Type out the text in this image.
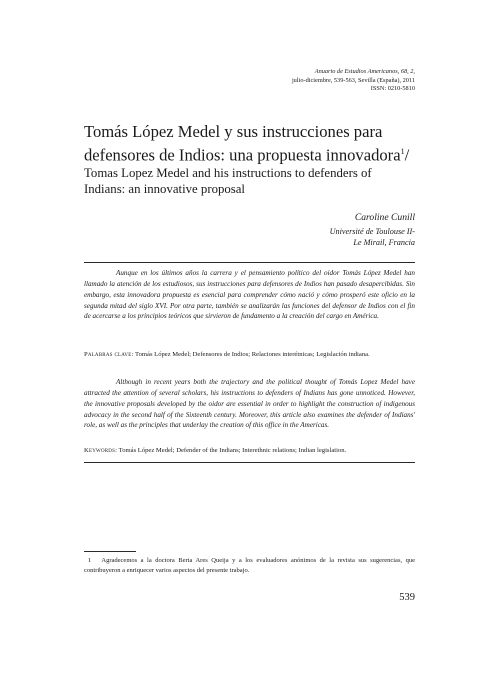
Anuario de Estudios Americanos, 68, 2,
julio-diciembre, 539-563, Sevilla (España), 2011
ISSN: 0210-5810
Tomás López Medel y sus instrucciones para defensores de Indios: una propuesta innovadora$^1$/
Tomas Lopez Medel and his instructions to defenders of Indians: an innovative proposal
Caroline Cunill
Université de Toulouse II-
Le Mirail, Francia

Aunque en los últimos años la carrera y el pensamiento político del oidor Tomás López Medel han llamado la atención de los estudiosos, sus instrucciones para defensores de Indios han pasado desapercibidas. Sin embargo, esta innovadora propuesta es esencial para comprender cómo nació y cómo prosperó este oficio en la segunda mitad del siglo XVI. Por otra parte, también se analizarán las funciones del defensor de Indios con el fin de acercarse a los principios teóricos que sirvieron de fundamento a la creación del cargo en América.

Palabras clave: Tomás López Medel; Defensores de Indios; Relaciones interétnicas; Legislación indiana.

Although in recent years both the trajectory and the political thought of Tomás Lopez Medel have attracted the attention of several scholars, his instructions to defenders of Indians has gone unnoticed. However, the innovative proposals developed by the oidor are essential in order to highlight the construction of indigenous advocacy in the second half of the Sixteenth century. Moreover, this article also examines the defender of Indians' role, as well as the principles that underlay the creation of this office in the Americas.

Keywords: Tomás López Medel; Defender of the Indians; Interethnic relations; Indian legislation.

1 Agradecemos a la doctora Berta Ares Queija y a los evaluadores anónimos de la revista sus sugerencias, que contribuyeron a enriquecer varios aspectos del presente trabajo.

539
